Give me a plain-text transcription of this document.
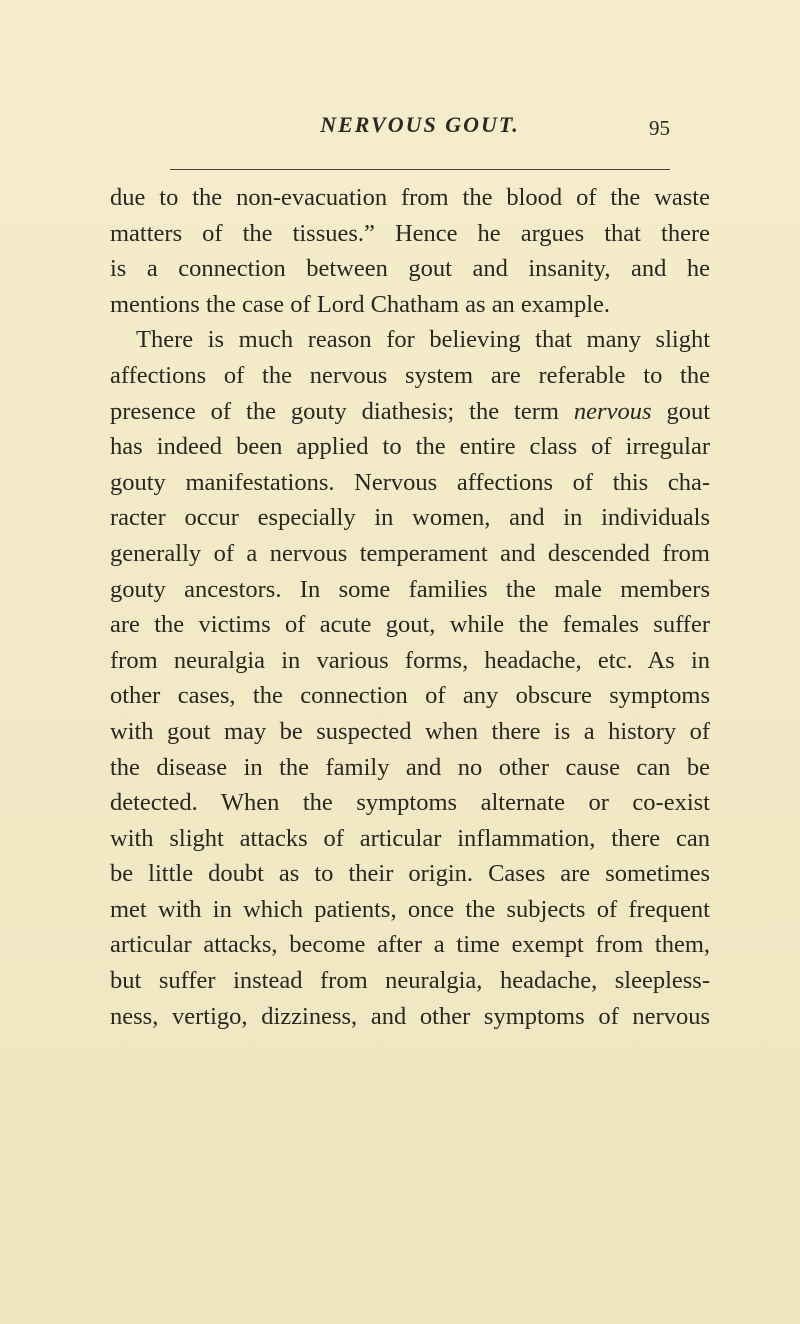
NERVOUS GOUT.	95
due to the non-evacuation from the blood of the waste
matters of the tissues.” Hence he argues that there
is a connection between gout and insanity, and he
mentions the case of Lord Chatham as an example.
There is much reason for believing that many slight
affections of the nervous system are referable to the
presence of the gouty diathesis; the term nervous gout
has indeed been applied to the entire class of irregular
gouty manifestations. Nervous affections of this cha-
racter occur especially in women, and in individuals
generally of a nervous temperament and descended from
gouty ancestors. In some families the male members
are the victims of acute gout, while the females suffer
from neuralgia in various forms, headache, etc. As in
other cases, the connection of any obscure symptoms
with gout may be suspected when there is a history of
the disease in the family and no other cause can be
detected. When the symptoms alternate or co-exist
with slight attacks of articular inflammation, there can
be little doubt as to their origin. Cases are sometimes
met with in which patients, once the subjects of frequent
articular attacks, become after a time exempt from them,
but suffer instead from neuralgia, headache, sleepless-
ness, vertigo, dizziness, and other symptoms of nervous
